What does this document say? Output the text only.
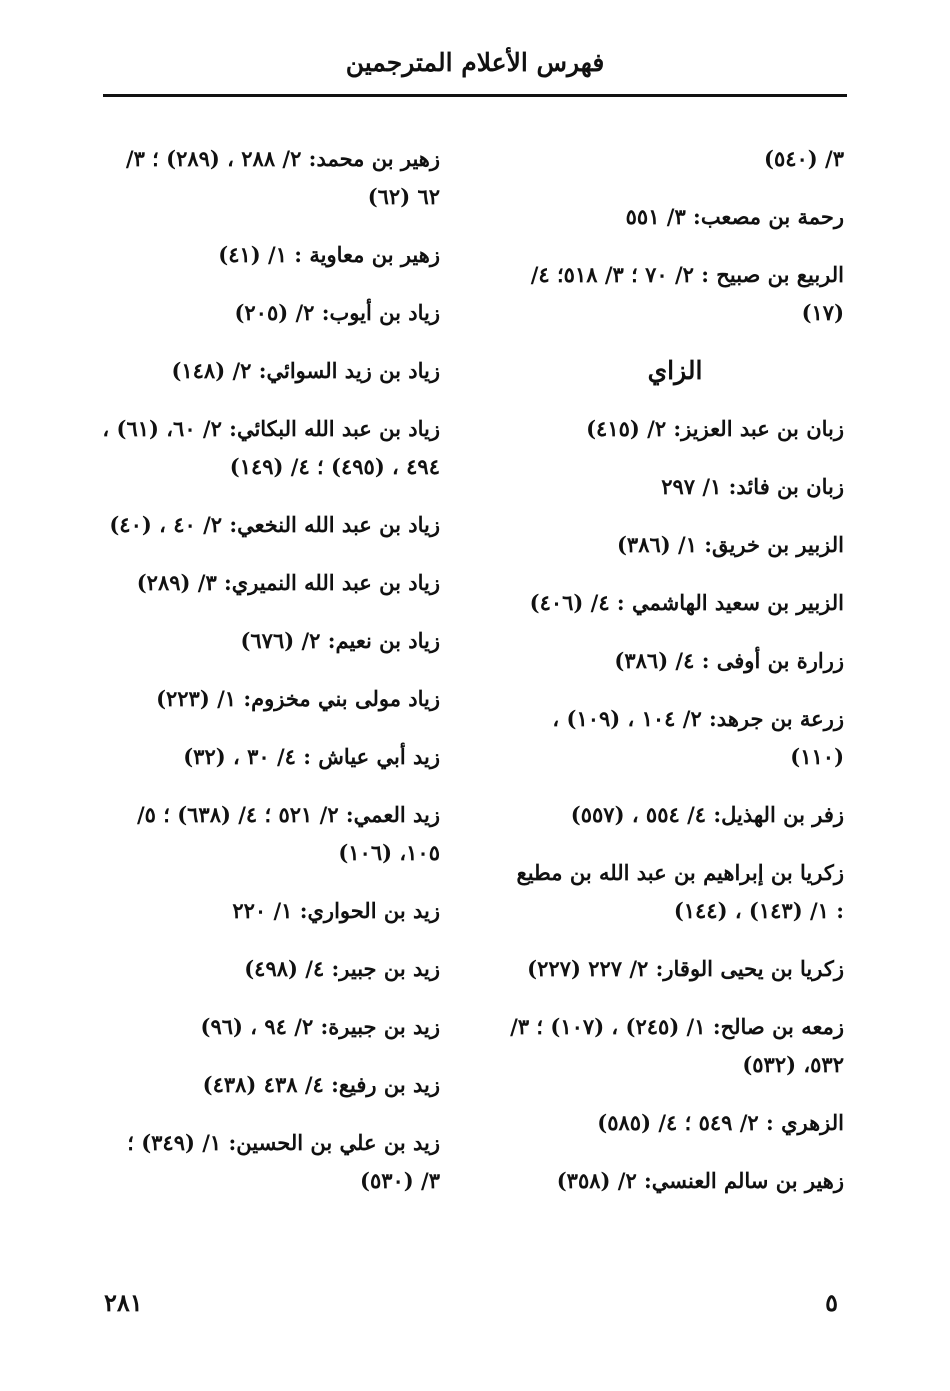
فهرس الأعلام المترجمين
٣/ (٥٤٠)
رحمة بن مصعب: ٣/ ٥٥١
الربيع بن صبيح : ٢/ ٧٠ ؛ ٣/ ٥١٨؛ ٤/ (١٧)
الزاي
زبان بن عبد العزيز: ٢/ (٤١٥)
زبان بن فائد: ١/ ٢٩٧
الزبير بن خريق: ١/ (٣٨٦)
الزبير بن سعيد الهاشمي : ٤/ (٤٠٦)
زرارة بن أوفى : ٤/ (٣٨٦)
زرعة بن جرهد: ٢/ ١٠٤ ، (١٠٩) ، (١١٠)
زفر بن الهذيل: ٤/ ٥٥٤ ، (٥٥٧)
زكريا بن إبراهيم بن عبد الله بن مطيع : ١/ (١٤٣) ، (١٤٤)
زكريا بن يحيى الوقار: ٢/ ٢٢٧ (٢٢٧)
زمعه بن صالح: ١/ (٢٤٥) ، (١٠٧) ؛ ٣/ ٥٣٢، (٥٣٢)
الزهري : ٢/ ٥٤٩ ؛ ٤/ (٥٨٥)
زهير بن سالم العنسي: ٢/ (٣٥٨)
زهير بن محمد: ٢/ ٢٨٨ ، (٢٨٩) ؛ ٣/ ٦٢ (٦٢)
زهير بن معاوية : ١/ (٤١)
زياد بن أيوب: ٢/ (٢٠٥)
زياد بن زيد السوائي: ٢/ (١٤٨)
زياد بن عبد الله البكائي: ٢/ ٦٠، (٦١) ، ٤٩٤ ، (٤٩٥) ؛ ٤/ (١٤٩)
زياد بن عبد الله النخعي: ٢/ ٤٠ ، (٤٠)
زياد بن عبد الله النميري: ٣/ (٢٨٩)
زياد بن نعيم: ٢/ (٦٧٦)
زياد مولى بني مخزوم: ١/ (٢٢٣)
زيد أبي عياش : ٤/ ٣٠ ، (٣٢)
زيد العمي: ٢/ ٥٢١ ؛ ٤/ (٦٣٨) ؛ ٥/ ١٠٥، (١٠٦)
زيد بن الحواري: ١/ ٢٢٠
زيد بن جبير: ٤/ (٤٩٨)
زيد بن جبيرة: ٢/ ٩٤ ، (٩٦)
زيد بن رفيع: ٤/ ٤٣٨ (٤٣٨)
زيد بن علي بن الحسين: ١/ (٣٤٩) ؛ ٣/ (٥٣٠)
٥
٢٨١
